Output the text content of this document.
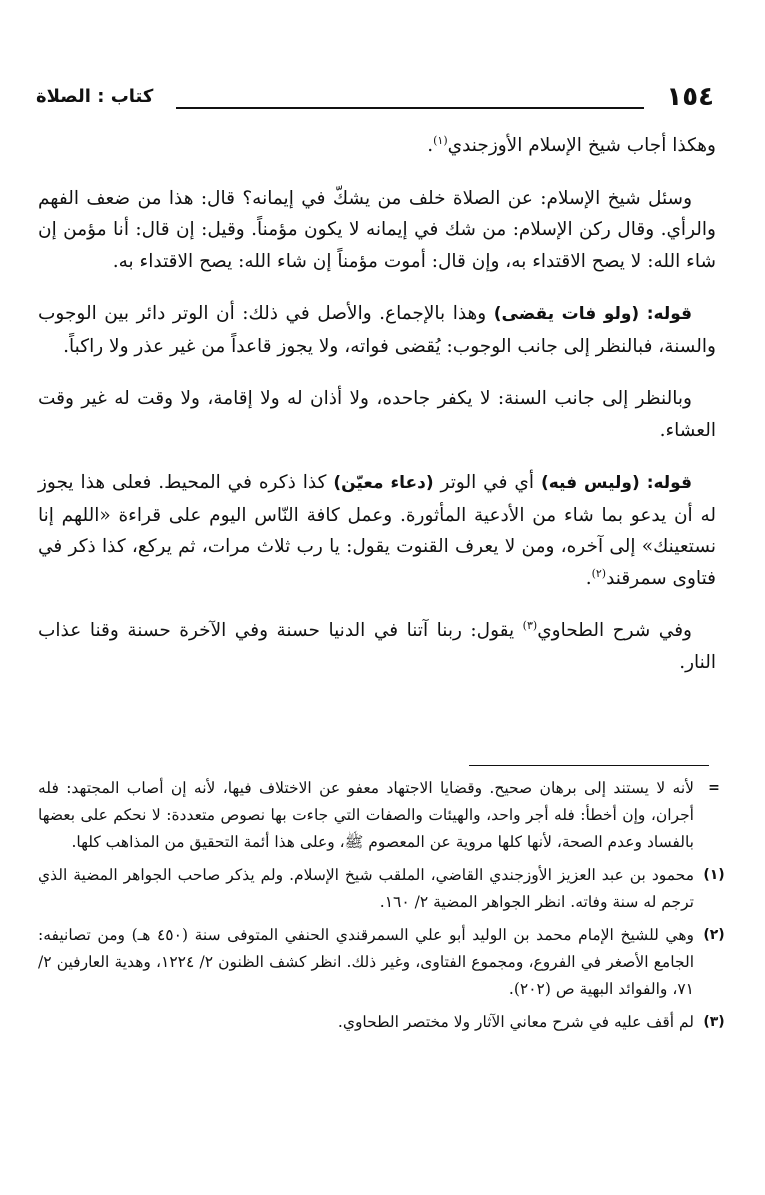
١٥٤
كتاب : الصلاة

وهكذا أجاب شيخ الإسلام الأوزجندي$^{(١)}$.

وسئل شيخ الإسلام: عن الصلاة خلف من يشكّ في إيمانه؟ قال: هذا من ضعف الفهم والرأي. وقال ركن الإسلام: من شك في إيمانه لا يكون مؤمناً. وقيل: إن قال: أنا مؤمن إن شاء الله: لا يصح الاقتداء به، وإن قال: أموت مؤمناً إن شاء الله: يصح الاقتداء به.

قوله: (ولو فات يقضى) وهذا بالإجماع. والأصل في ذلك: أن الوتر دائر بين الوجوب والسنة، فبالنظر إلى جانب الوجوب: يُقضى فواته، ولا يجوز قاعداً من غير عذر ولا راكباً.

وبالنظر إلى جانب السنة: لا يكفر جاحده، ولا أذان له ولا إقامة، ولا وقت له غير وقت العشاء.

قوله: (وليس فيه) أي في الوتر (دعاء معيّن) كذا ذكره في المحيط. فعلى هذا يجوز له أن يدعو بما شاء من الأدعية المأثورة. وعمل كافة النّاس اليوم على قراءة «اللهم إنا نستعينك» إلى آخره، ومن لا يعرف القنوت يقول: يا رب ثلاث مرات، ثم يركع، كذا ذكر في فتاوى سمرقند$^{(٢)}$.

وفي شرح الطحاوي$^{(٣)}$ يقول: ربنا آتنا في الدنيا حسنة وفي الآخرة حسنة وقنا عذاب النار.

=
لأنه لا يستند إلى برهان صحيح. وقضايا الاجتهاد معفو عن الاختلاف فيها، لأنه إن أصاب المجتهد: فله أجران، وإن أخطأ: فله أجر واحد، والهيئات والصفات التي جاءت بها نصوص متعددة: لا نحكم على بعضها بالفساد وعدم الصحة، لأنها كلها مروية عن المعصوم ﷺ، وعلى هذا أئمة التحقيق من المذاهب كلها.
(١)
محمود بن عبد العزيز الأوزجندي القاضي، الملقب شيخ الإسلام. ولم يذكر صاحب الجواهر المضية الذي ترجم له سنة وفاته. انظر الجواهر المضية ٢/ ١٦٠.
(٢)
وهي للشيخ الإمام محمد بن الوليد أبو علي السمرقندي الحنفي المتوفى سنة (٤٥٠ هـ) ومن تصانيفه: الجامع الأصغر في الفروع، ومجموع الفتاوى، وغير ذلك. انظر كشف الظنون ٢/ ١٢٢٤، وهدية العارفين ٢/ ٧١، والفوائد البهية ص (٢٠٢).
(٣)
لم أقف عليه في شرح معاني الآثار ولا مختصر الطحاوي.
